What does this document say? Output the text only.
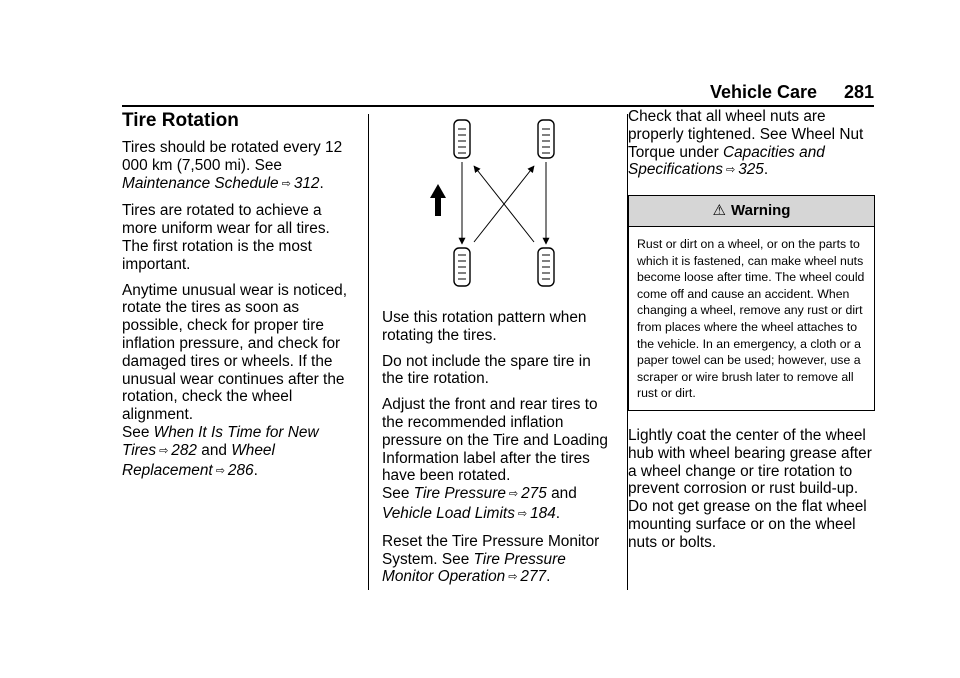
Vehicle Care 281
Tire Rotation

Tires should be rotated every 12 000 km (7,500 mi). See Maintenance Schedule ⇨ 312.

Tires are rotated to achieve a more uniform wear for all tires. The first rotation is the most important.

Anytime unusual wear is noticed, rotate the tires as soon as possible, check for proper tire inflation pressure, and check for damaged tires or wheels. If the unusual wear continues after the rotation, check the wheel alignment.
See When It Is Time for New Tires ⇨ 282 and Wheel Replacement ⇨ 286.

Use this rotation pattern when rotating the tires.

Do not include the spare tire in the tire rotation.

Adjust the front and rear tires to the recommended inflation pressure on the Tire and Loading Information label after the tires have been rotated.
See Tire Pressure ⇨ 275 and Vehicle Load Limits ⇨ 184.

Reset the Tire Pressure Monitor System. See Tire Pressure Monitor Operation ⇨ 277.

Check that all wheel nuts are properly tightened. See Wheel Nut Torque under Capacities and Specifications ⇨ 325.

⚠ Warning
Rust or dirt on a wheel, or on the parts to which it is fastened, can make wheel nuts become loose after time. The wheel could come off and cause an accident. When changing a wheel, remove any rust or dirt from places where the wheel attaches to the vehicle. In an emergency, a cloth or a paper towel can be used; however, use a scraper or wire brush later to remove all rust or dirt.

Lightly coat the center of the wheel hub with wheel bearing grease after a wheel change or tire rotation to prevent corrosion or rust build-up. Do not get grease on the flat wheel mounting surface or on the wheel nuts or bolts.
